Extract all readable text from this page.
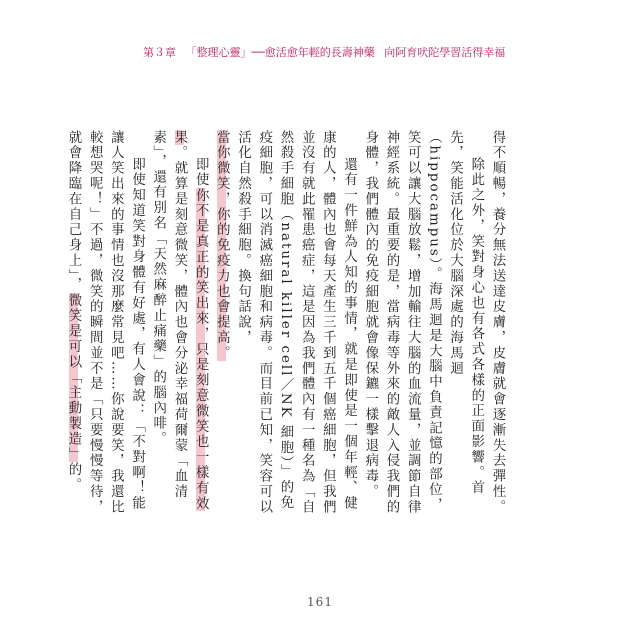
第３章 「整理心靈」──愈活愈年輕的長壽神藥 向阿育吠陀學習活得幸福

得不順暢，養分無法送達皮膚，皮膚就會逐漸失去彈性。

除此之外，笑對身心也有各式各樣的正面影響。首先，笑能活化位於大腦深處的海馬迴（hippocampus）。海馬迴是大腦中負責記憶的部位，笑可以讓大腦放鬆，增加輸往大腦的血流量，並調節自律神經系統。最重要的是，當病毒等外來的敵人入侵我們的身體，我們體內的免疫細胞就會像保鑣一樣擊退病毒。

還有一件鮮為人知的事情，就是即使是一個年輕、健康的人，體內也會每天產生三千到五千個癌細胞，但我們並沒有就此罹患癌症，這是因為我們體內有一種名為「自然殺手細胞（natural killer cell／NK 細胞）」的免疫細胞，可以消滅癌細胞和病毒。而目前已知，笑容可以活化自然殺手細胞。換句話說，

當你微笑，你的免疫力也會提高。

即使你不是真正的笑出來，只是刻意微笑也一樣有效果。就算是刻意微笑，體內也會分泌幸福荷爾蒙「血清素」，還有別名「天然麻醉止痛藥」的腦內啡。

即使知道笑對身體有好處，有人會說：「不對啊！能讓人笑出來的事情也沒那麼常見吧……你說要笑，我還比較想哭呢！」不過，微笑的瞬間並不是「只要慢慢等待，就會降臨在自己身上」，微笑是可以「主動製造」的。

161
